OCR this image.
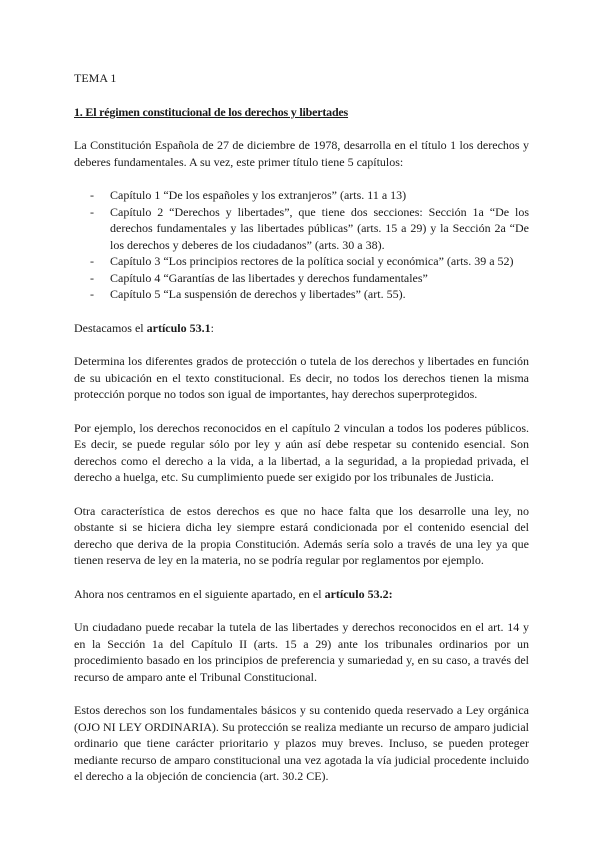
TEMA 1

1. El régimen constitucional de los derechos y libertades

La Constitución Española de 27 de diciembre de 1978, desarrolla en el título 1 los derechos y deberes fundamentales. A su vez, este primer título tiene 5 capítulos:

- Capítulo 1 “De los españoles y los extranjeros” (arts. 11 a 13)
- Capítulo 2 “Derechos y libertades”, que tiene dos secciones: Sección 1a “De los derechos fundamentales y las libertades públicas” (arts. 15 a 29) y la Sección 2a “De los derechos y deberes de los ciudadanos” (arts. 30 a 38).
- Capítulo 3 “Los principios rectores de la política social y económica” (arts. 39 a 52)
- Capítulo 4 “Garantías de las libertades y derechos fundamentales”
- Capítulo 5 “La suspensión de derechos y libertades” (art. 55).

Destacamos el artículo 53.1:

Determina los diferentes grados de protección o tutela de los derechos y libertades en función de su ubicación en el texto constitucional. Es decir, no todos los derechos tienen la misma protección porque no todos son igual de importantes, hay derechos superprotegidos.

Por ejemplo, los derechos reconocidos en el capítulo 2 vinculan a todos los poderes públicos. Es decir, se puede regular sólo por ley y aún así debe respetar su contenido esencial. Son derechos como el derecho a la vida, a la libertad, a la seguridad, a la propiedad privada, el derecho a huelga, etc. Su cumplimiento puede ser exigido por los tribunales de Justicia.

Otra característica de estos derechos es que no hace falta que los desarrolle una ley, no obstante si se hiciera dicha ley siempre estará condicionada por el contenido esencial del derecho que deriva de la propia Constitución. Además sería solo a través de una ley ya que tienen reserva de ley en la materia, no se podría regular por reglamentos por ejemplo.

Ahora nos centramos en el siguiente apartado, en el artículo 53.2:

Un ciudadano puede recabar la tutela de las libertades y derechos reconocidos en el art. 14 y en la Sección 1a del Capítulo II (arts. 15 a 29) ante los tribunales ordinarios por un procedimiento basado en los principios de preferencia y sumariedad y, en su caso, a través del recurso de amparo ante el Tribunal Constitucional.

Estos derechos son los fundamentales básicos y su contenido queda reservado a Ley orgánica (OJO NI LEY ORDINARIA). Su protección se realiza mediante un recurso de amparo judicial ordinario que tiene carácter prioritario y plazos muy breves. Incluso, se pueden proteger mediante recurso de amparo constitucional una vez agotada la vía judicial procedente incluido el derecho a la objeción de conciencia (art. 30.2 CE).
